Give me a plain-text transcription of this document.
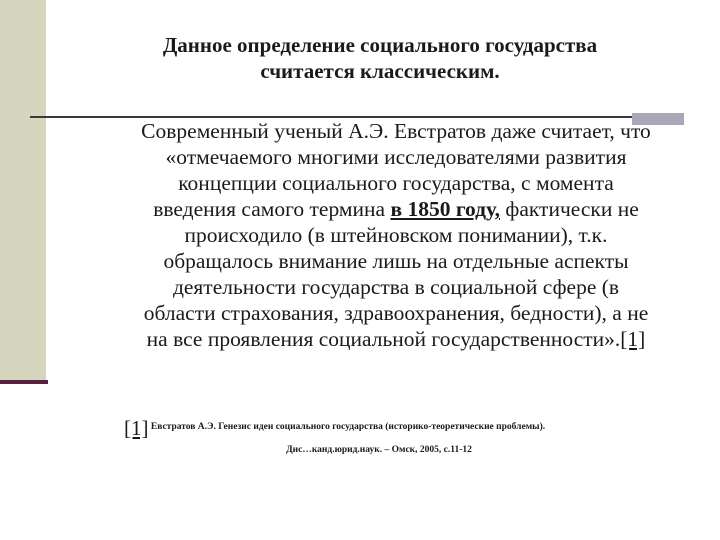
Данное определение социального государства
считается классическим.
Современный ученый А.Э. Евстратов даже считает, что
«отмечаемого многими исследователями развития
концепции социального государства, с момента
введения самого термина в 1850 году, фактически не
происходило (в штейновском понимании), т.к.
обращалось внимание лишь на отдельные аспекты
деятельности государства в социальной сфере (в
области страхования, здравоохранения, бедности), а не
на все проявления социальной государственности».[1]
[1] Евстратов А.Э. Генезис идеи социального государства (историко-теоретические проблемы).
Дис…канд.юрид.наук. – Омск, 2005, с.11-12
